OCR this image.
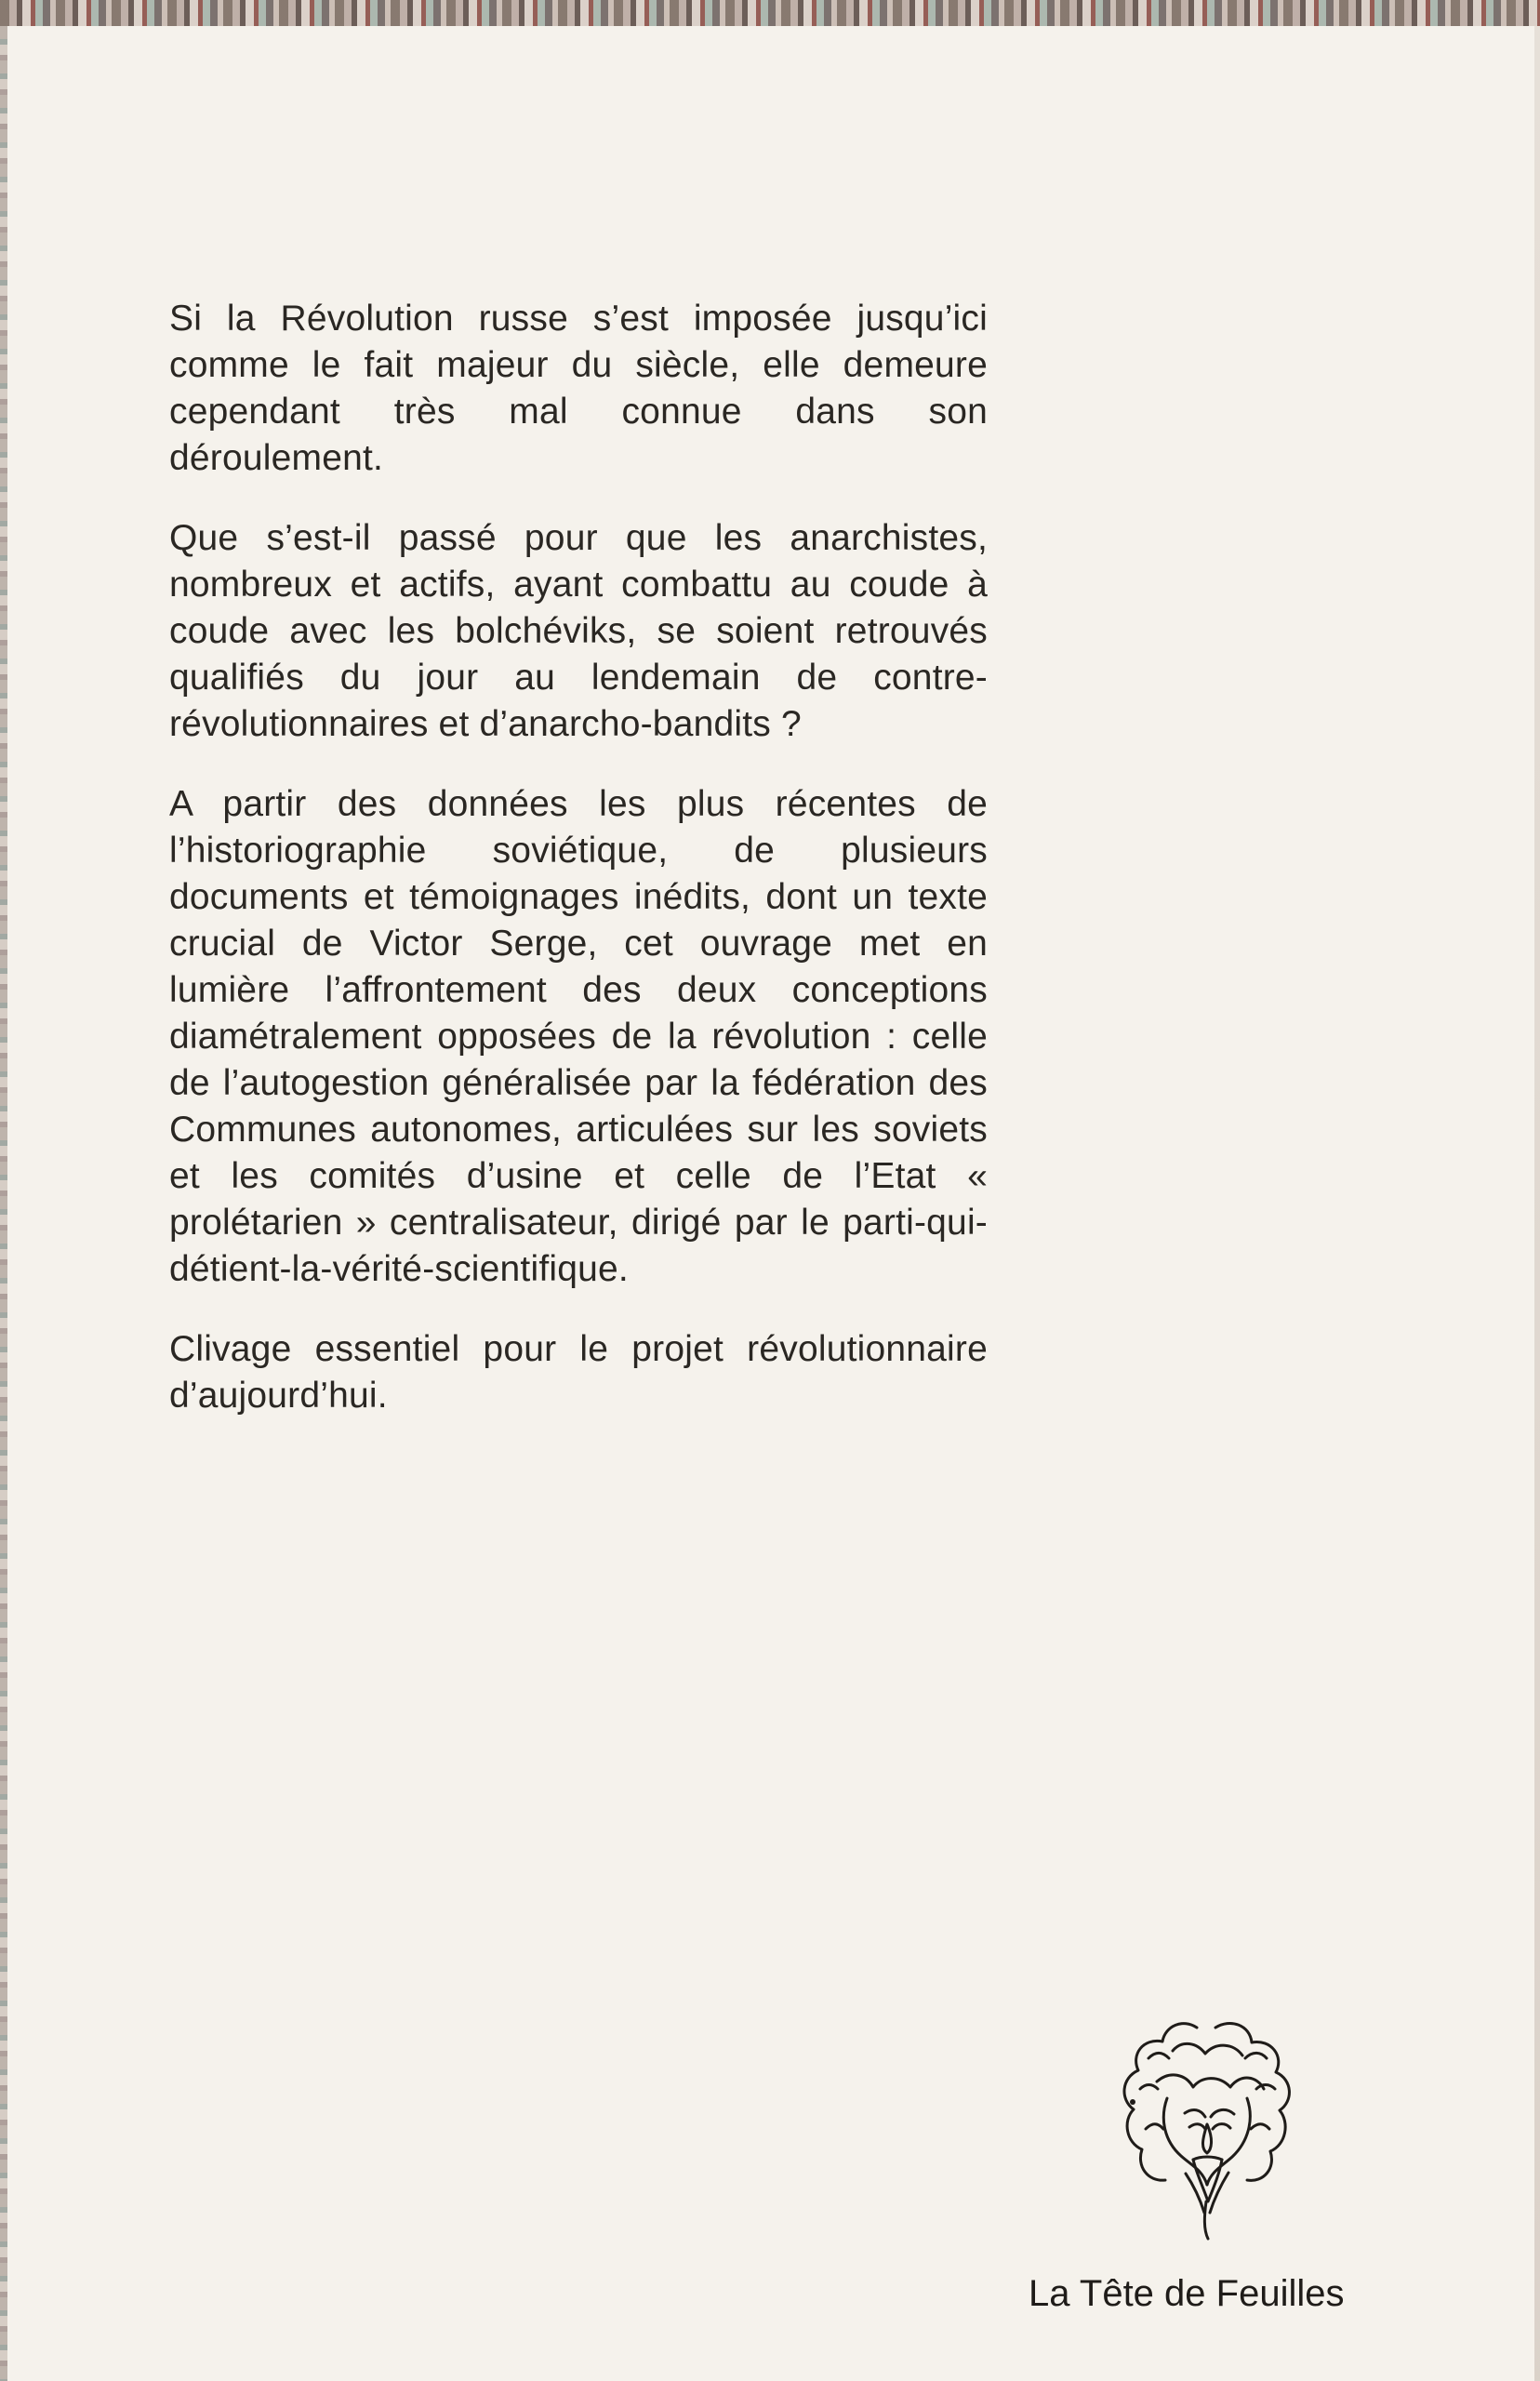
Si la Révolution russe s’est imposée jusqu’ici comme le fait majeur du siècle, elle demeure cependant très mal connue dans son déroulement.

Que s’est-il passé pour que les anarchistes, nombreux et actifs, ayant combattu au coude à coude avec les bolchéviks, se soient retrouvés qualifiés du jour au lendemain de contre-révolutionnaires et d’anarcho-bandits ?

A partir des données les plus récentes de l’historiographie soviétique, de plusieurs documents et témoignages inédits, dont un texte crucial de Victor Serge, cet ouvrage met en lumière l’affrontement des deux conceptions diamétralement opposées de la révolution : celle de l’autogestion généralisée par la fédération des Communes autonomes, articulées sur les soviets et les comités d’usine et celle de l’Etat « prolétarien » centralisateur, dirigé par le parti-qui-détient-la-vérité-scientifique.

Clivage essentiel pour le projet révolutionnaire d’aujourd’hui.

La Tête de Feuilles
